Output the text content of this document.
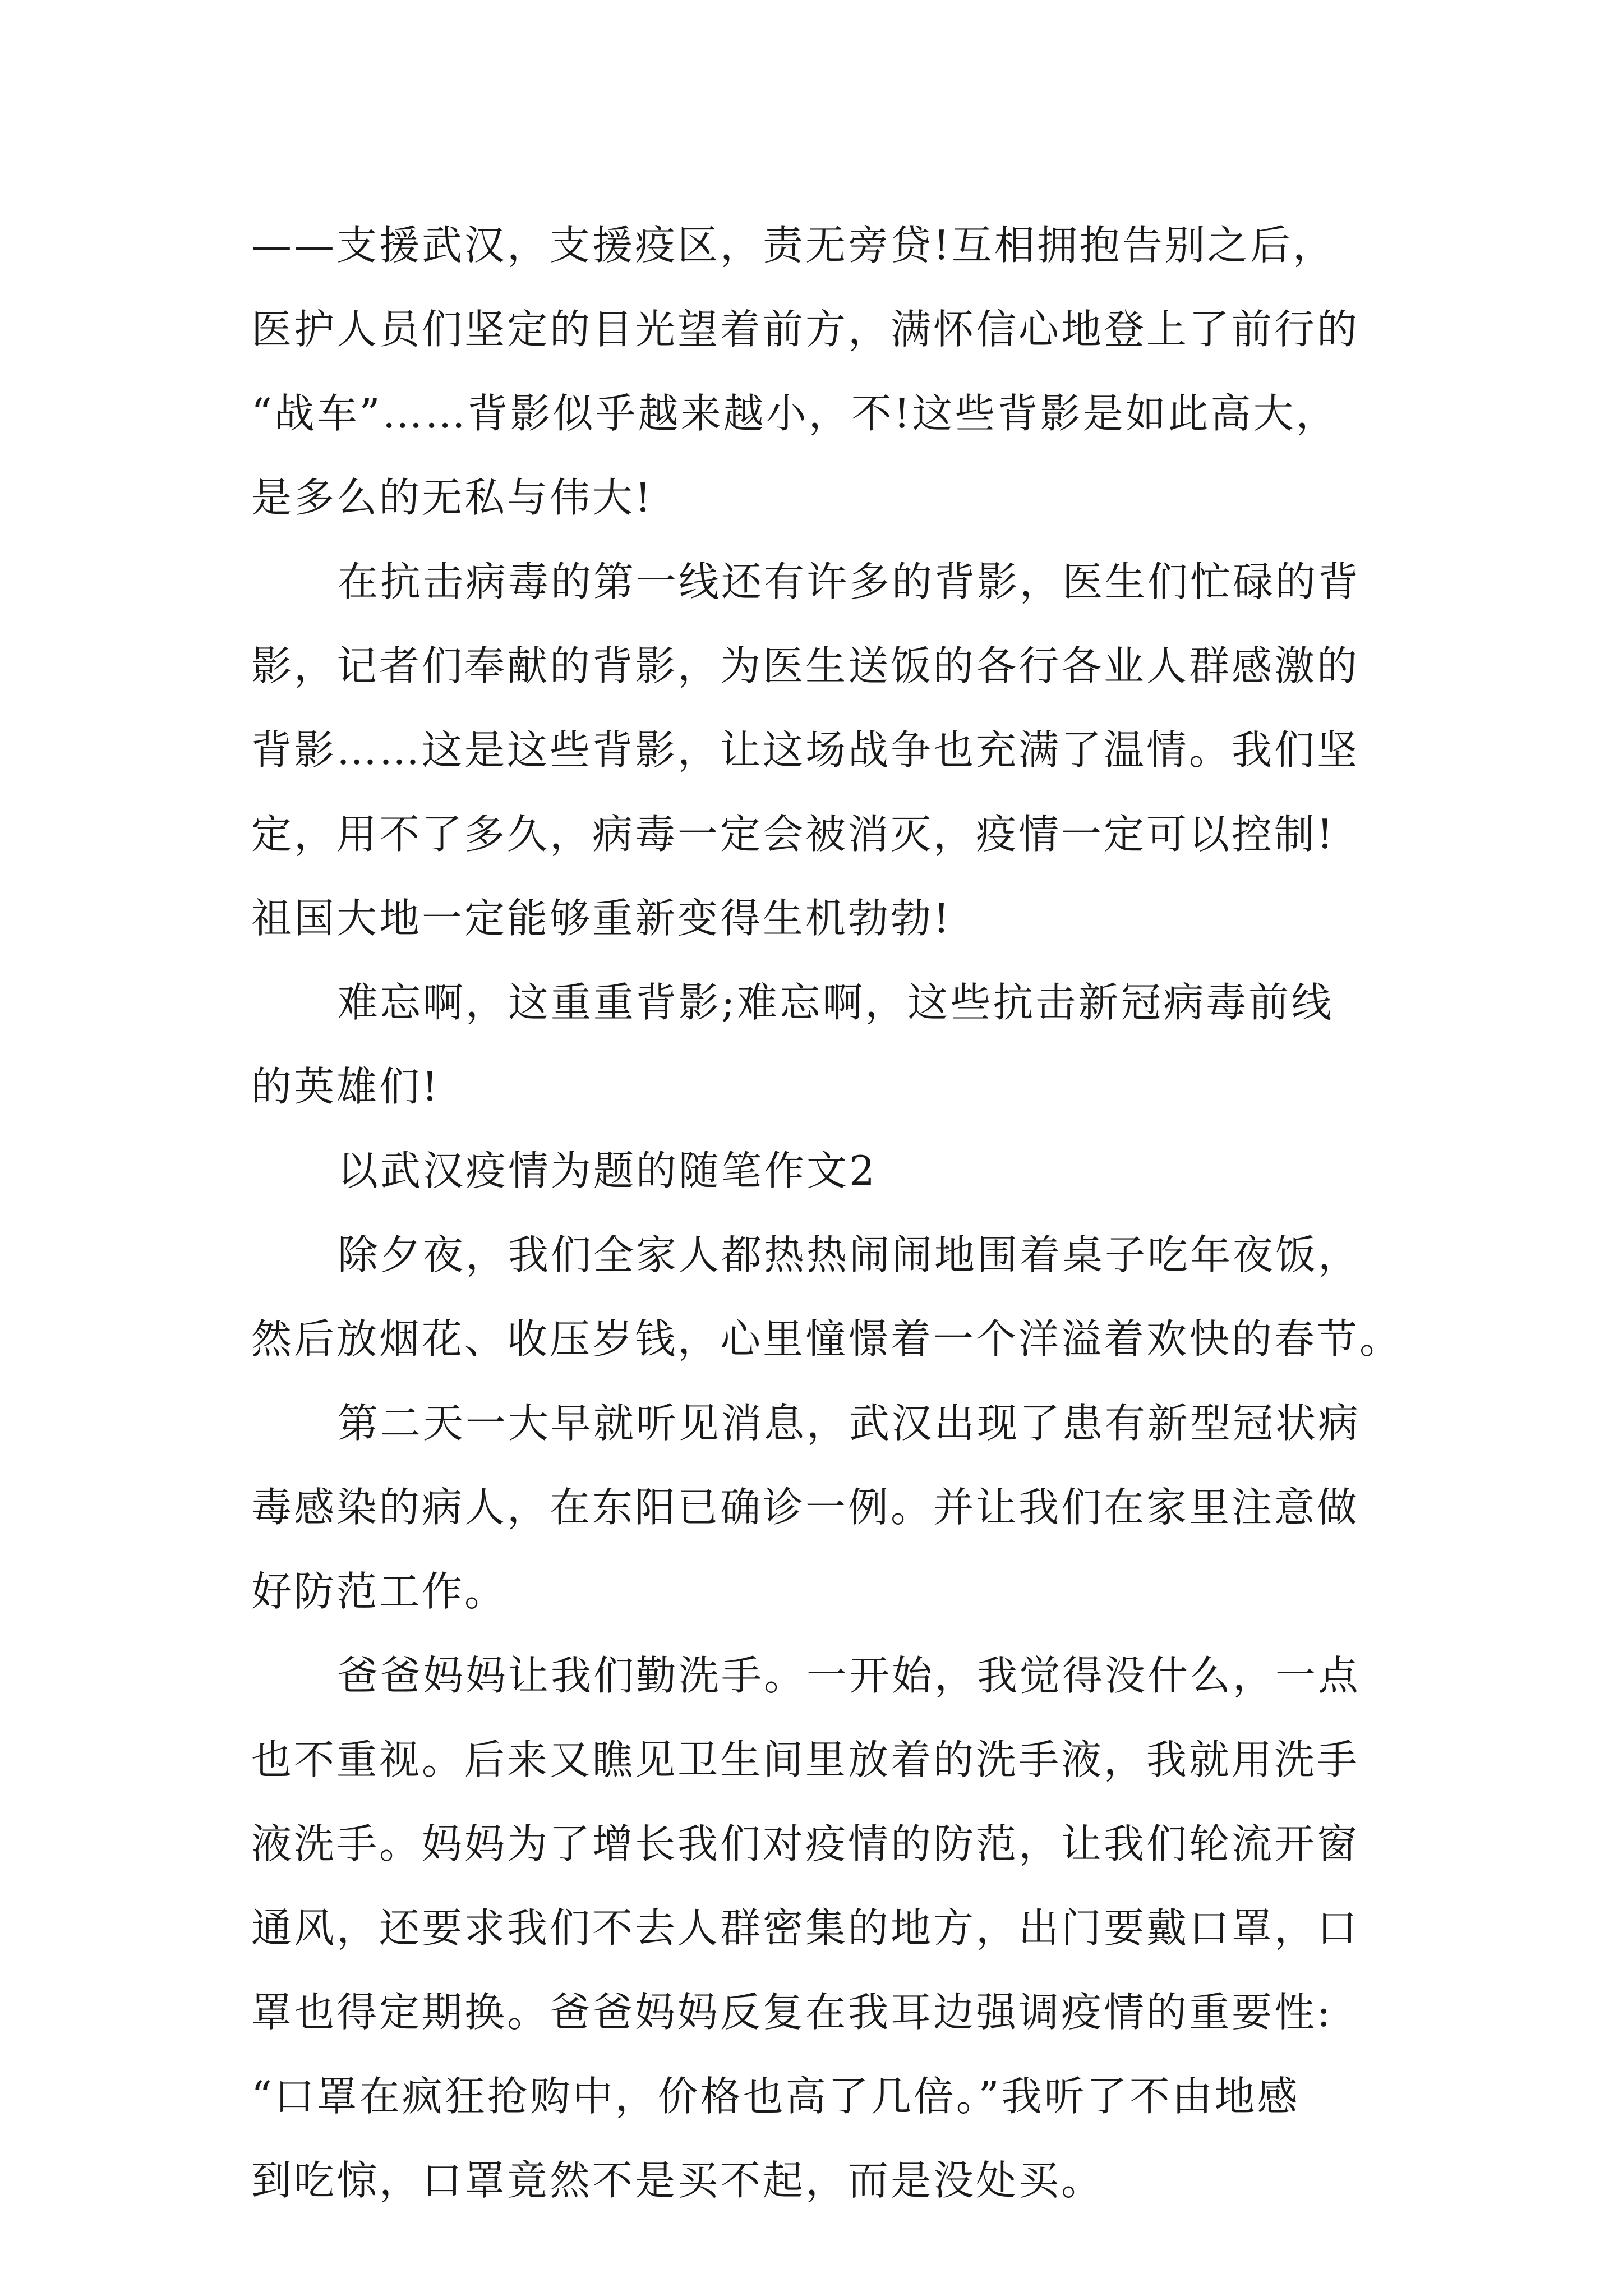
——支援武汉，支援疫区，责无旁贷!互相拥抱告别之后，
医护人员们坚定的目光望着前方，满怀信心地登上了前行的
“战车”……背影似乎越来越小，不!这些背影是如此高大，
是多么的无私与伟大!
在抗击病毒的第一线还有许多的背影，医生们忙碌的背
影，记者们奉献的背影，为医生送饭的各行各业人群感激的
背影……这是这些背影，让这场战争也充满了温情。我们坚
定，用不了多久，病毒一定会被消灭，疫情一定可以控制!
祖国大地一定能够重新变得生机勃勃!
难忘啊，这重重背影;难忘啊，这些抗击新冠病毒前线
的英雄们!
以武汉疫情为题的随笔作文2
除夕夜，我们全家人都热热闹闹地围着桌子吃年夜饭，
然后放烟花、收压岁钱，心里憧憬着一个洋溢着欢快的春节。
第二天一大早就听见消息，武汉出现了患有新型冠状病
毒感染的病人，在东阳已确诊一例。并让我们在家里注意做
好防范工作。
爸爸妈妈让我们勤洗手。一开始，我觉得没什么，一点
也不重视。后来又瞧见卫生间里放着的洗手液，我就用洗手
液洗手。妈妈为了增长我们对疫情的防范，让我们轮流开窗
通风，还要求我们不去人群密集的地方，出门要戴口罩，口
罩也得定期换。爸爸妈妈反复在我耳边强调疫情的重要性:
“口罩在疯狂抢购中，价格也高了几倍。”我听了不由地感
到吃惊，口罩竟然不是买不起，而是没处买。
